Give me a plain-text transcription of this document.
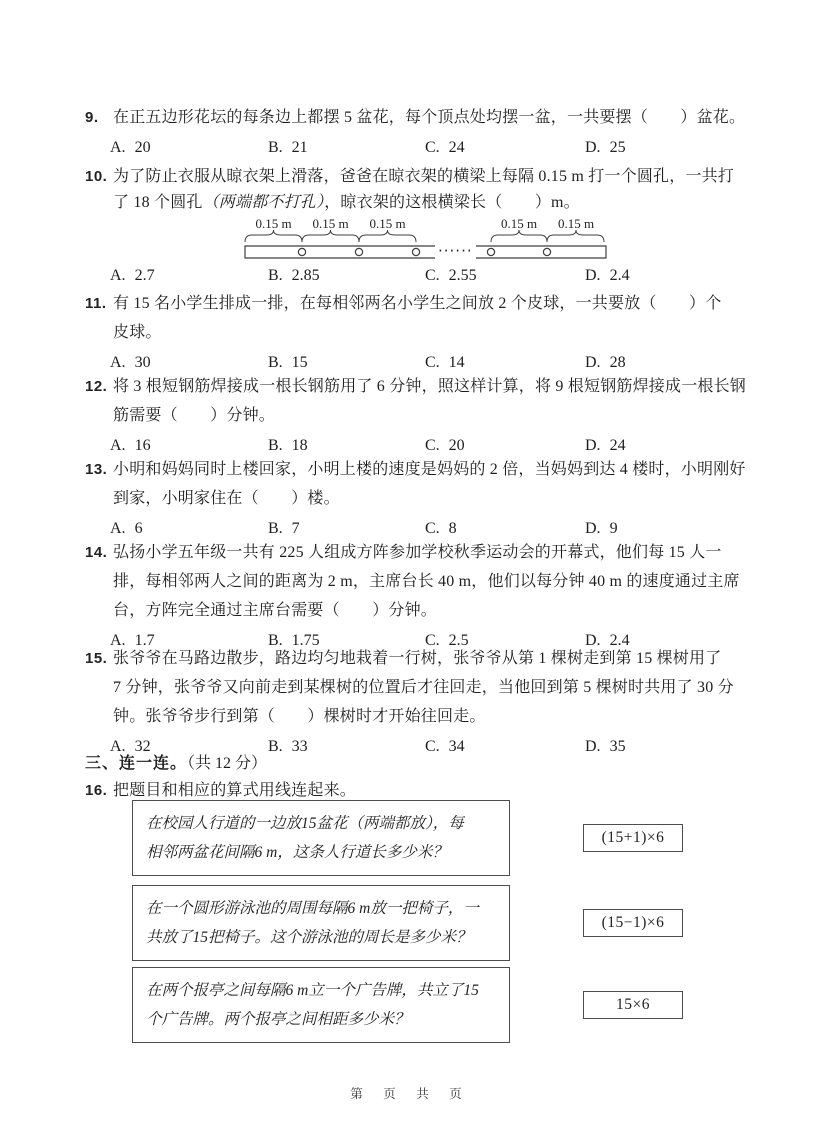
9. 在正五边形花坛的每条边上都摆 5 盆花，每个顶点处均摆一盆，一共要摆（　　）盆花。
A. 20	B. 21	C. 24	D. 25
10. 为了防止衣服从晾衣架上滑落，爸爸在晾衣架的横梁上每隔 0.15 m 打一个圆孔，一共打
了 18 个圆孔（两端都不打孔），晾衣架的这根横梁长（　　）m。
0.15 m 0.15 m 0.15 m	0.15 m 0.15 m
······
A. 2.7	B. 2.85	C. 2.55	D. 2.4
11. 有 15 名小学生排成一排，在每相邻两名小学生之间放 2 个皮球，一共要放（　　）个
皮球。
A. 30	B. 15	C. 14	D. 28
12. 将 3 根短钢筋焊接成一根长钢筋用了 6 分钟，照这样计算，将 9 根短钢筋焊接成一根长钢
筋需要（　　）分钟。
A. 16	B. 18	C. 20	D. 24
13. 小明和妈妈同时上楼回家，小明上楼的速度是妈妈的 2 倍，当妈妈到达 4 楼时，小明刚好
到家，小明家住在（　　）楼。
A. 6	B. 7	C. 8	D. 9
14. 弘扬小学五年级一共有 225 人组成方阵参加学校秋季运动会的开幕式，他们每 15 人一
排，每相邻两人之间的距离为 2 m，主席台长 40 m，他们以每分钟 40 m 的速度通过主席
台，方阵完全通过主席台需要（　　）分钟。
A. 1.7	B. 1.75	C. 2.5	D. 2.4
15. 张爷爷在马路边散步，路边均匀地栽着一行树，张爷爷从第 1 棵树走到第 15 棵树用了
7 分钟，张爷爷又向前走到某棵树的位置后才往回走，当他回到第 5 棵树时共用了 30 分
钟。张爷爷步行到第（　　）棵树时才开始往回走。
A. 32	B. 33	C. 34	D. 35
三、连一连。（共 12 分）
16. 把题目和相应的算式用线连起来。
在校园人行道的一边放15盆花（两端都放），每
相邻两盆花间隔6 m，这条人行道长多少米？
(15+1)×6
在一个圆形游泳池的周围每隔6 m放一把椅子，一
共放了15把椅子。这个游泳池的周长是多少米？
(15−1)×6
在两个报亭之间每隔6 m立一个广告牌，共立了15
个广告牌。两个报亭之间相距多少米？
15×6
第　页　共　页
